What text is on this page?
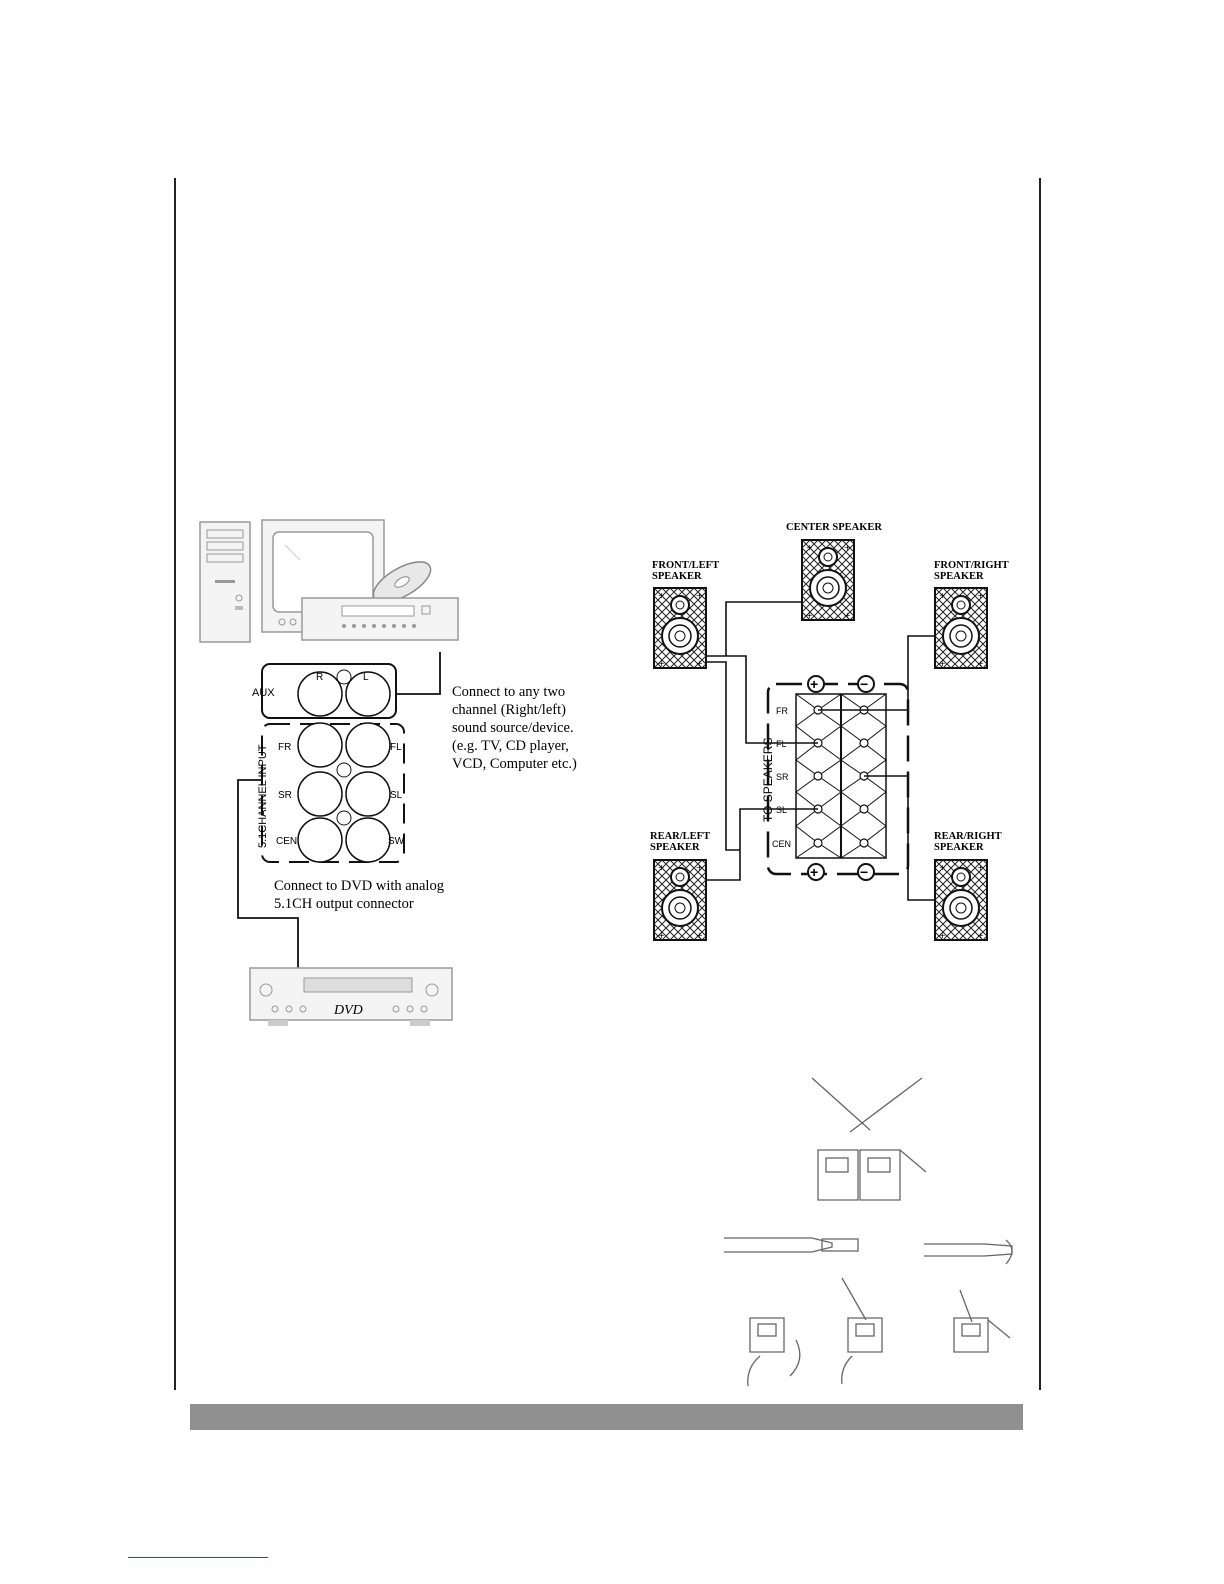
+	+
+	+
AUX
R	L
FR	FL
SR	SL
CEN	SW
5.1CHANNEL INPUT
Connect to any two
channel (Right/left)
sound source/device.
(e.g. TV, CD player,
VCD, Computer etc.)
Connect to DVD with analog
5.1CH output connector
DVD
CENTER SPEAKER
FRONT/LEFT
SPEAKER
FRONT/RIGHT
SPEAKER
REAR/LEFT
SPEAKER
REAR/RIGHT
SPEAKER
+	−
+	−
FR
FL
SR
SL
CEN
TO SPEAKERS
